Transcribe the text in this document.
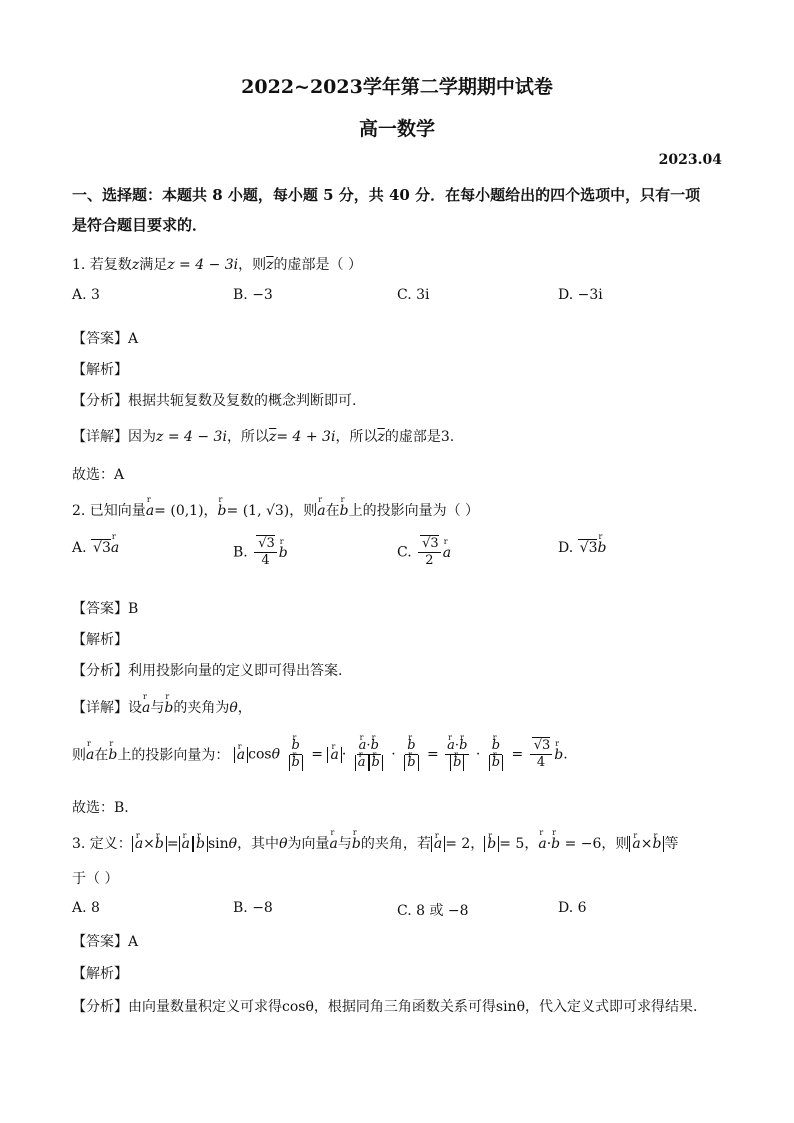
2022~2023学年第二学期期中试卷
高一数学
2023.04
一、选择题：本题共 8 小题，每小题 5 分，共 40 分．在每小题给出的四个选项中，只有一项
是符合题目要求的．
1. 若复数z满足z = 4 − 3i，则$\overline{z}$的虚部是（ ）
A. 3	B. −3	C. 3i	D. −3i
【答案】A
【解析】
【分析】根据共轭复数及复数的概念判断即可.
【详解】因为z = 4 − 3i，所以$\overline{z}= 4 + 3i$，所以$\overline{z}$的虚部是3.
故选：A
2. 已知向量r a= (0,1)，r b= (1, √3)，则r a在r b上的投影向量为（ ）
A. √ 3r a	B. √ $\frac{3}{4}$ r b	C. √ $\frac{3}{2}$ r a	D. √ 3r b
【答案】B
【解析】
【分析】利用投影向量的定义即可得出答案.
【详解】设r a与r b的夹角为θ，
则r a在r b上的投影向量为： r a cosθ r b
r b = r a · r a·r b
r a r b · r b
r b = r a·r b
r b · r b
r b = √ $\frac{3}{4}$ r b.
故选：B.
3. 定义： r a×r b = r a r b sinθ，其中θ为向量r a与r b的夹角，若 r a = 2， r b = 5，r a·r b = −6，则 r a×r b 等
于（ ）
A. 8	B. −8	C. 8 或 −8	D. 6
【答案】A
【解析】
【分析】由向量数量积定义可求得cosθ，根据同角三角函数关系可得sinθ，代入定义式即可求得结果.
